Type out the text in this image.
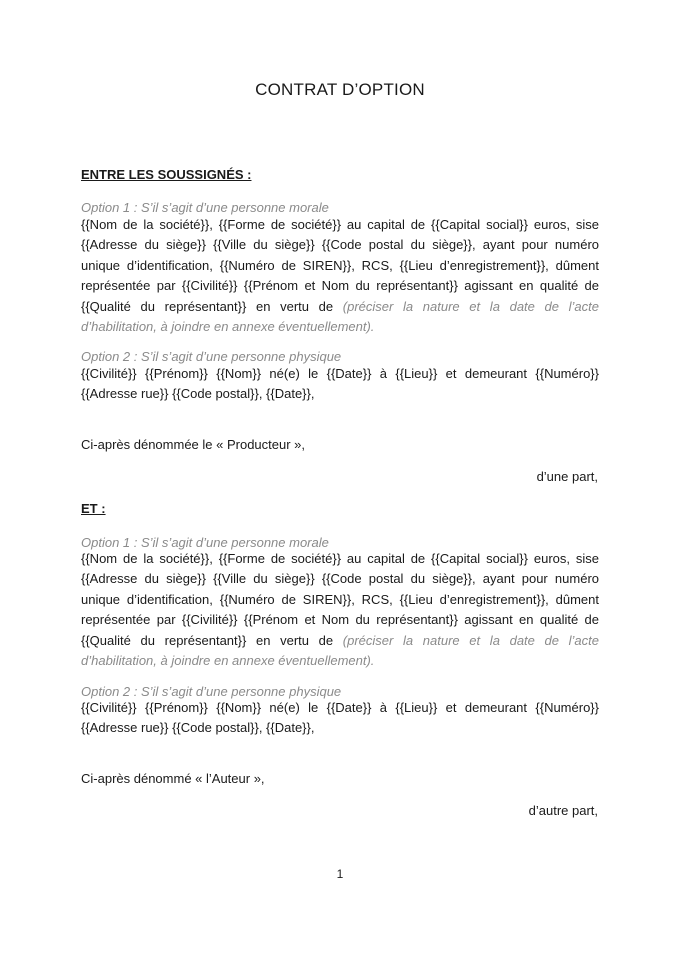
CONTRAT D’OPTION
ENTRE LES SOUSSIGNÉS :
Option 1 : S’il s’agit d’une personne morale
{{Nom de la société}}, {{Forme de société}} au capital de {{Capital social}} euros, sise
{{Adresse du siège}} {{Ville du siège}} {{Code postal du siège}}, ayant pour numéro
unique d’identification, {{Numéro de SIREN}}, RCS, {{Lieu d’enregistrement}}, dûment
représentée par {{Civilité}} {{Prénom et Nom du représentant}} agissant en qualité de
{{Qualité du représentant}} en vertu de (préciser la nature et la date de l’acte
d’habilitation, à joindre en annexe éventuellement).
Option 2 : S’il s’agit d’une personne physique
{{Civilité}} {{Prénom}} {{Nom}} né(e) le {{Date}} à {{Lieu}} et demeurant {{Numéro}}
{{Adresse rue}} {{Code postal}}, {{Date}},
Ci-après dénommée le « Producteur »,
d’une part,
ET :
Option 1 : S’il s’agit d’une personne morale
{{Nom de la société}}, {{Forme de société}} au capital de {{Capital social}} euros, sise
{{Adresse du siège}} {{Ville du siège}} {{Code postal du siège}}, ayant pour numéro
unique d’identification, {{Numéro de SIREN}}, RCS, {{Lieu d’enregistrement}}, dûment
représentée par {{Civilité}} {{Prénom et Nom du représentant}} agissant en qualité de
{{Qualité du représentant}} en vertu de (préciser la nature et la date de l’acte
d’habilitation, à joindre en annexe éventuellement).
Option 2 : S’il s’agit d’une personne physique
{{Civilité}} {{Prénom}} {{Nom}} né(e) le {{Date}} à {{Lieu}} et demeurant {{Numéro}}
{{Adresse rue}} {{Code postal}}, {{Date}},
Ci-après dénommé « l’Auteur »,
d’autre part,
1
